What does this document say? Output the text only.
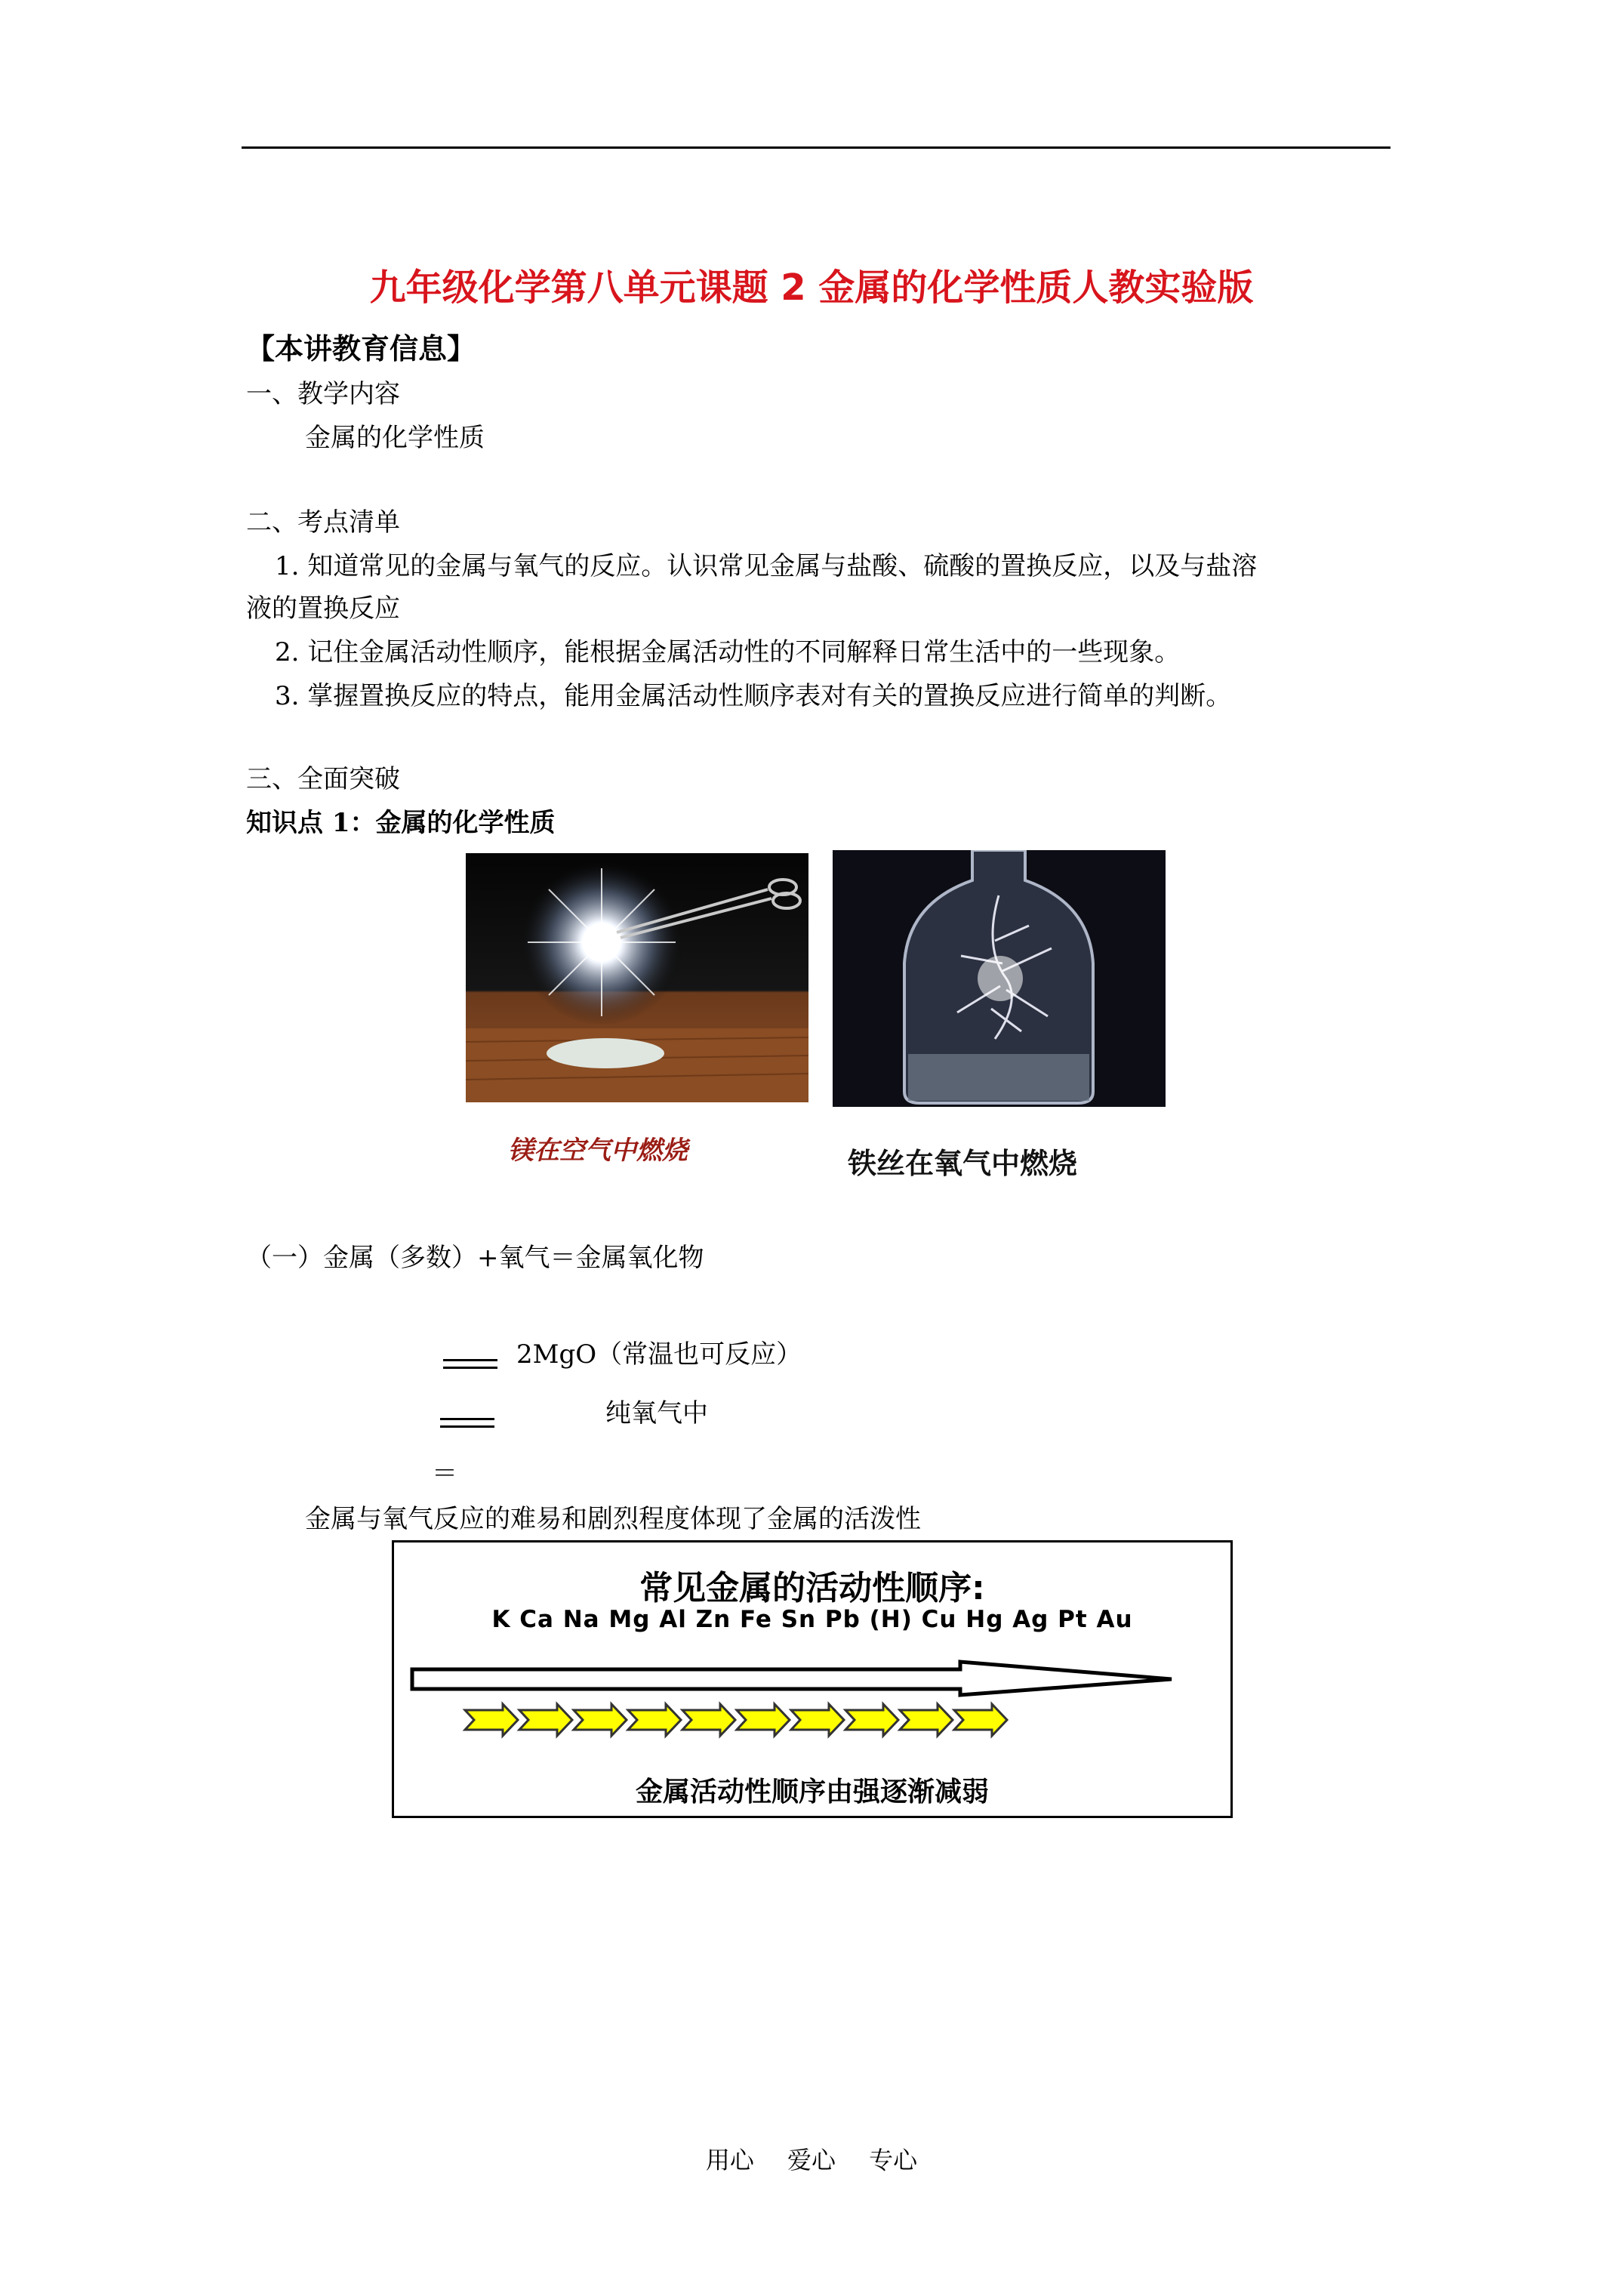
九年级化学第八单元课题 2 金属的化学性质人教实验版
【本讲教育信息】
一、教学内容
金属的化学性质
二、考点清单
1. 知道常见的金属与氧气的反应。认识常见金属与盐酸、硫酸的置换反应，以及与盐溶
液的置换反应
2. 记住金属活动性顺序，能根据金属活动性的不同解释日常生活中的一些现象。
3. 掌握置换反应的特点，能用金属活动性顺序表对有关的置换反应进行简单的判断。
三、全面突破
知识点 1：金属的化学性质
镁在空气中燃烧	铁丝在氧气中燃烧
（一）金属（多数）+氧气＝金属氧化物
2MgO（常温也可反应）
纯氧气中
＝
金属与氧气反应的难易和剧烈程度体现了金属的活泼性
常见金属的活动性顺序:
K Ca Na Mg Al Zn Fe Sn Pb (H) Cu Hg Ag Pt Au
金属活动性顺序由强逐渐减弱
用心 爱心 专心
